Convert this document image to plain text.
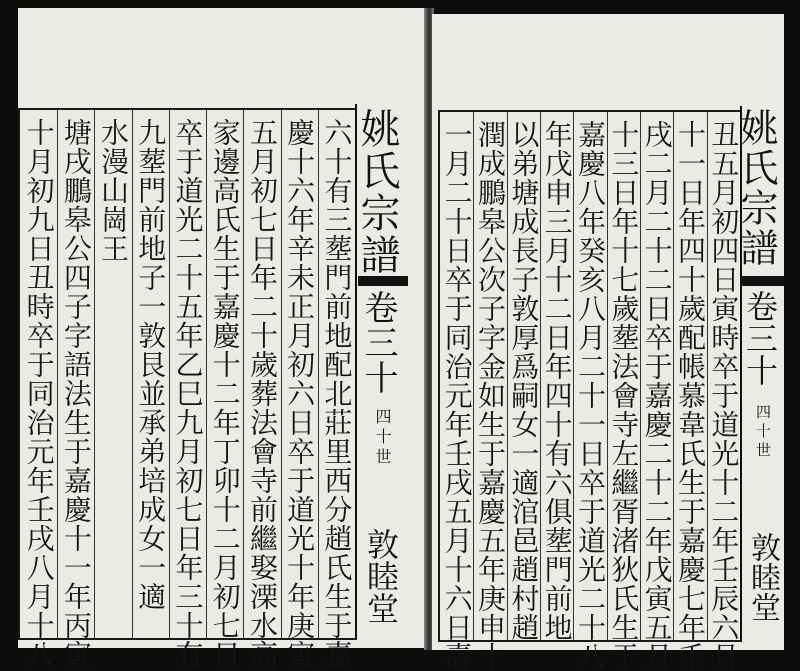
六十有三塟門前地配北莊里西分趙氏生于嘉
慶十六年辛未正月初六日卒于道光十年庚寅
五月初七日年二十歲葬法會寺前繼娶溧水高
家邊高氏生于嘉慶十二年丁卯十二月初七日
卒于道光二十五年乙巳九月初七日年三十有
九塟門前地子一敦艮並承弟培成女一適
水漫山崗王
塘戌鵬皋公四子字語法生于嘉慶十一年丙寅
十月初九日丑時卒于同治元年壬戌八月十八	姚氏宗譜
卷三十
四十世
敦睦堂	丑五月初四日寅時卒于道光十二年壬辰六月
十一日年四十歲配帳慕韋氏生于嘉慶七年壬
戌二月二十二日卒于嘉慶二十二年戊寅五月
十三日年十七歲塟法會寺左繼胥渚狄氏生于
嘉慶八年癸亥八月二十一日卒于道光二十八
年戊申三月十二日年四十有六俱塟門前地
以弟塘成長子敦厚爲嗣女一適涫邑趙村趙
潤成鵬皋公次子字金如生于嘉慶五年庚申十
一月二十日卒于同治元年壬戌五月十六日壽	姚氏宗譜
卷三十
四十世
敦睦堂
